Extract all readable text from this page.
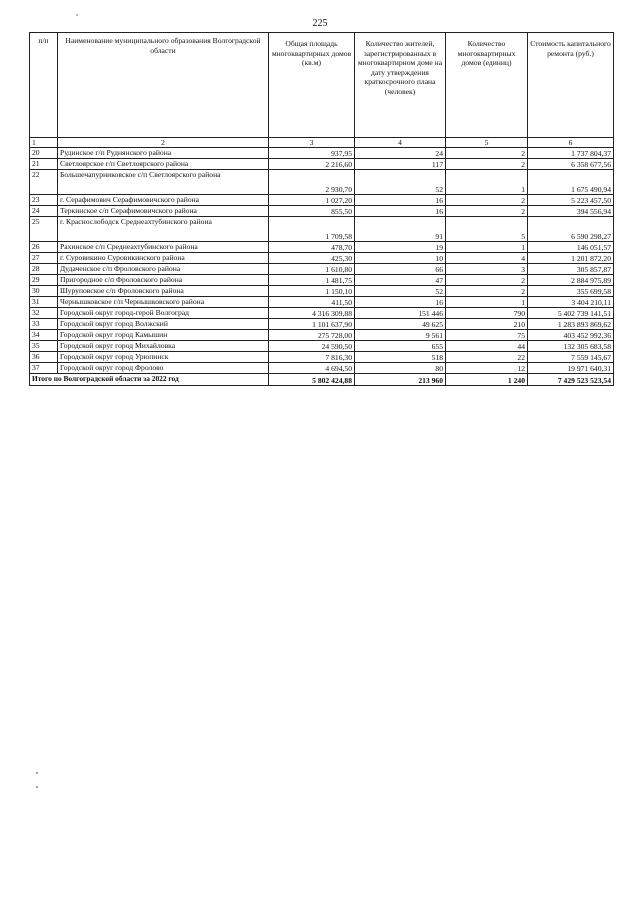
225
п/п	Наименование муниципального образования Волгоградской области	Общая площадь многоквартирных домов (кв.м)	Количество жителей, зарегистрированных в многоквартирном доме на дату утверждения краткосрочного плана (человек)	Количество многоквартирных домов (единиц)	Стоимость капитального ремонта (руб.)
1	2	3	4	5	6
20	Рудинское г/п Руднянского района	937,95	24	2	1 737 804,37
21	Светлоярское г/п Светлоярского района	2 216,60	117	2	6 358 677,56
22	Большечапурниковское с/п Светлоярского района	2 930,70	52	1	1 675 490,94
23	г. Серафимович Серафимовичского района	1 027,20	16	2	5 223 457,50
24	Теркинское с/п Серафимовичского района	855,50	16	2	394 556,94
25	г. Краснослободск Среднеахтубинского района	1 709,58	91	5	6 590 298,27
26	Рахинское с/п Среднеахтубинского района	478,70	19	1	146 051,57
27	г. Суровикино Суровикинского района	425,30	10	4	1 201 872,20
28	Дудаченское с/п Фроловского района	1 610,80	66	3	305 857,87
29	Пригородное с/п Фроловского района	1 481,75	47	2	2 884 975,89
30	Шуруповское с/п Фроловского района	1 150,10	52	2	355 699,58
31	Чернышковское г/п Чернышковского района	411,50	16	1	3 404 210,11
32	Городской округ город-герой Волгоград	4 316 309,88	151 446	790	5 402 739 141,51
33	Городской округ город Волжский	1 101 637,90	49 625	210	1 283 893 869,62
34	Городской округ город Камышин	275 728,00	9 561	75	403 452 992,36
35	Городской округ город Михайловка	24 590,50	655	44	132 305 683,58
36	Городской округ город Урюпинск	7 816,30	518	22	7 559 145,67
37	Городской округ город Фролово	4 694,50	80	12	19 971 640,31
Итого по Волгоградской области за 2022 год		5 802 424,88	213 960	1 240	7 429 523 523,54
